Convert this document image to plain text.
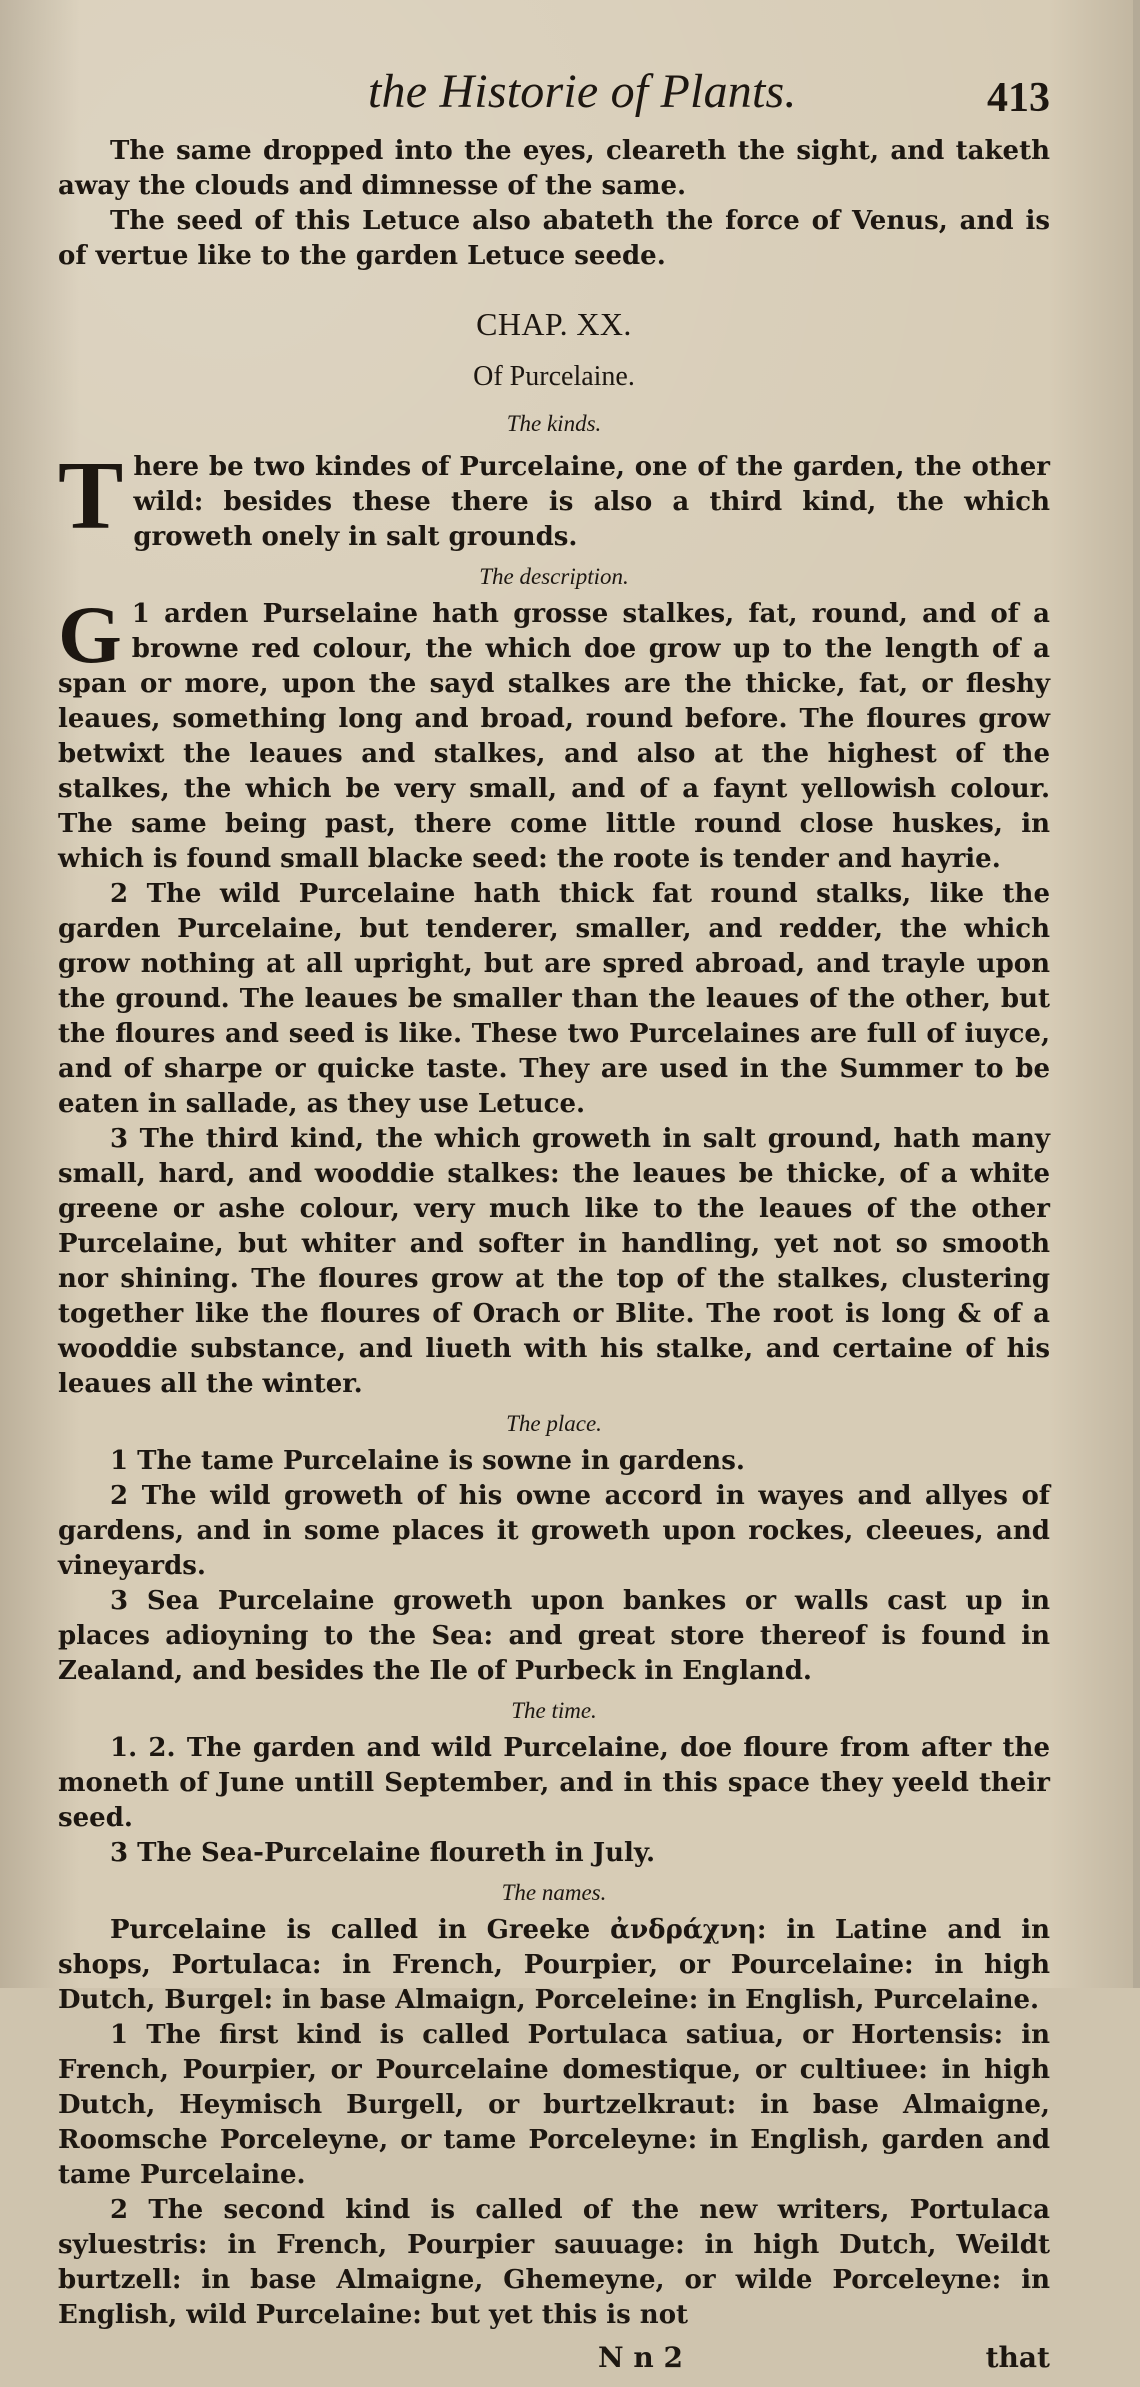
the Historie of Plants.	413

The same dropped into the eyes, cleareth the sight, and taketh away the clouds and dimnesse of the same.

The seed of this Letuce also abateth the force of Venus, and is of vertue like to the garden Letuce seede.

CHAP. XX.
Of Purcelaine.
The kinds.

T here be two kindes of Purcelaine, one of the garden, the other wild: besides these there is also a third kind, the which groweth onely in salt grounds.

The description.

1
G	arden Purselaine hath grosse stalkes, fat, round, and of a browne red colour, the which doe grow up to the length of a span or more, upon the sayd stalkes are the thicke, fat, or fleshy leaues, something long and broad, round before. The floures grow betwixt the leaues and stalkes, and also at the highest of the stalkes, the which be very small, and of a faynt yellowish colour. The same being past, there come little round close huskes, in which is found small blacke seed: the roote is tender and hayrie.

2 The wild Purcelaine hath thick fat round stalks, like the garden Purcelaine, but tenderer, smaller, and redder, the which grow nothing at all upright, but are spred abroad, and trayle upon the ground. The leaues be smaller than the leaues of the other, but the floures and seed is like. These two Purcelaines are full of iuyce, and of sharpe or quicke taste. They are used in the Summer to be eaten in sallade, as they use Letuce.

3 The third kind, the which groweth in salt ground, hath many small, hard, and wooddie stalkes: the leaues be thicke, of a white greene or ashe colour, very much like to the leaues of the other Purcelaine, but whiter and softer in handling, yet not so smooth nor shining. The floures grow at the top of the stalkes, clustering together like the floures of Orach or Blite. The root is long & of a wooddie substance, and liueth with his stalke, and certaine of his leaues all the winter.

The place.

1 The tame Purcelaine is sowne in gardens.

2 The wild groweth of his owne accord in wayes and allyes of gardens, and in some places it groweth upon rockes, cleeues, and vineyards.

3 Sea Purcelaine groweth upon bankes or walls cast up in places adioyning to the Sea: and great store thereof is found in Zealand, and besides the Ile of Purbeck in England.

The time.

1. 2. The garden and wild Purcelaine, doe floure from after the moneth of June untill September, and in this space they yeeld their seed.

3 The Sea-Purcelaine floureth in July.

The names.

Purcelaine is called in Greeke ἀνδράχνη: in Latine and in shops, Portulaca: in French, Pourpier, or Pourcelaine: in high Dutch, Burgel: in base Almaign, Porceleine: in English, Purcelaine.

1 The first kind is called Portulaca satiua, or Hortensis: in French, Pourpier, or Pourcelaine domestique, or cultiuee: in high Dutch, Heymisch Burgell, or burtzelkraut: in base Almaigne, Roomsche Porceleyne, or tame Porceleyne: in English, garden and tame Purcelaine.

2 The second kind is called of the new writers, Portulaca syluestris: in French, Pourpier sauuage: in high Dutch, Weildt burtzell: in base Almaigne, Ghemeyne, or wilde Porceleyne: in English, wild Purcelaine: but yet this is not

N n 2	that
